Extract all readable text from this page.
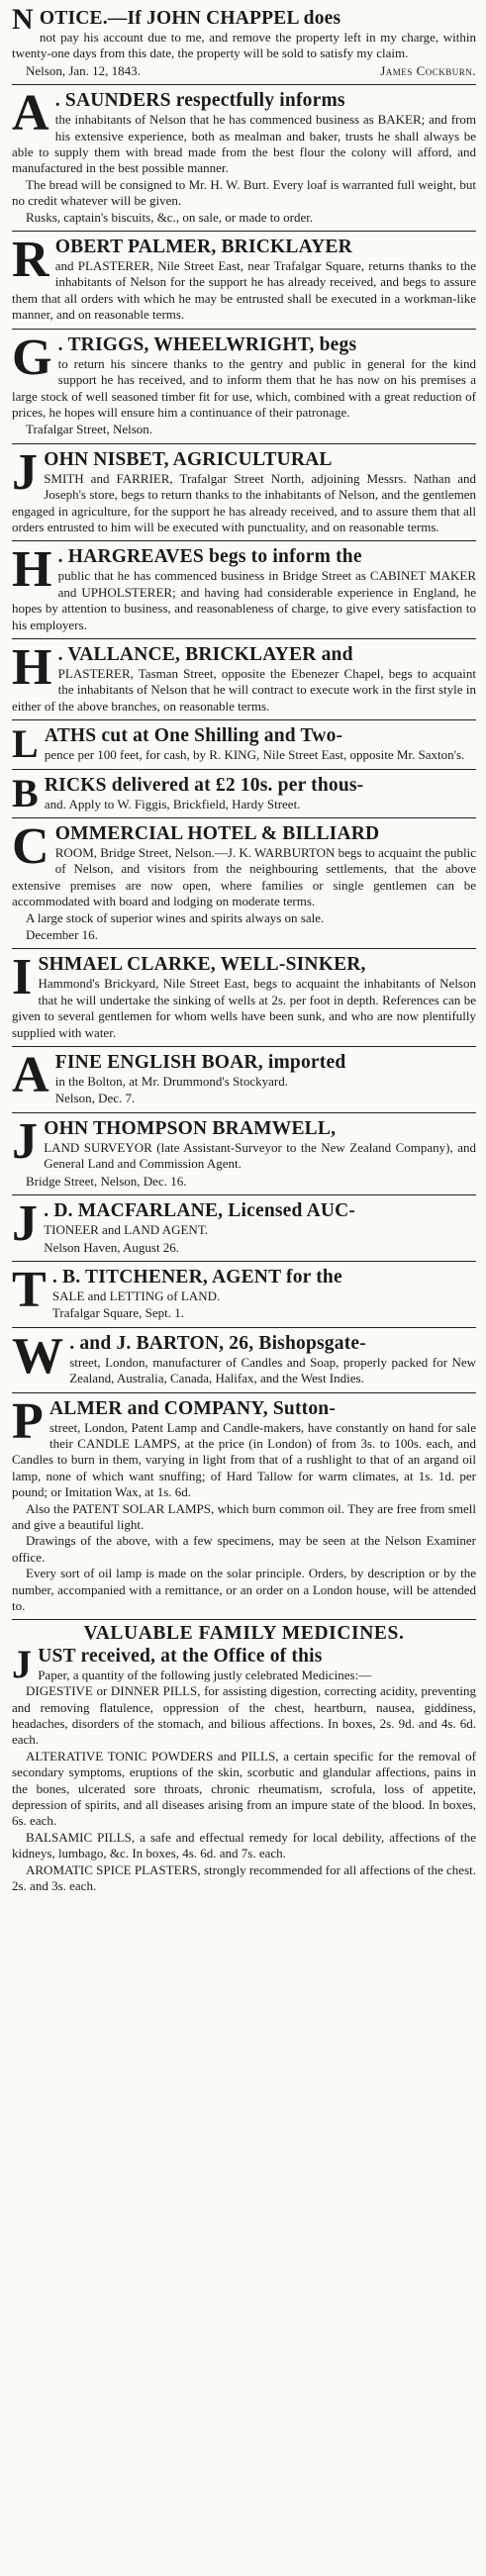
NOTICE.—If JOHN CHAPPEL does

not pay his account due to me, and remove the property left in my charge, within twenty-one days from this date, the property will be sold to satisfy my claim.

Nelson, Jan. 12, 1843.	James Cockburn.

A . SAUNDERS respectfully informs

the inhabitants of Nelson that he has commenced business as BAKER; and from his extensive experience, both as mealman and baker, trusts he shall always be able to supply them with bread made from the best flour the colony will afford, and manufactured in the best possible manner.

The bread will be consigned to Mr. H. W. Burt. Every loaf is warranted full weight, but no credit whatever will be given.

Rusks, captain's biscuits, &c., on sale, or made to order.

ROBERT PALMER, BRICKLAYER

and PLASTERER, Nile Street East, near Trafalgar Square, returns thanks to the inhabitants of Nelson for the support he has already received, and begs to assure them that all orders with which he may be entrusted shall be executed in a workman-like manner, and on reasonable terms.

G . TRIGGS, WHEELWRIGHT, begs

to return his sincere thanks to the gentry and public in general for the kind support he has received, and to inform them that he has now on his premises a large stock of well seasoned timber fit for use, which, combined with a great reduction of prices, he hopes will ensure him a continuance of their patronage.

Trafalgar Street, Nelson.

JOHN NISBET, AGRICULTURAL

SMITH and FARRIER, Trafalgar Street North, adjoining Messrs. Nathan and Joseph's store, begs to return thanks to the inhabitants of Nelson, and the gentlemen engaged in agriculture, for the support he has already received, and to assure them that all orders entrusted to him will be executed with punctuality, and on reasonable terms.

H . HARGREAVES begs to inform the

public that he has commenced business in Bridge Street as CABINET MAKER and UPHOLSTERER; and having had considerable experience in England, he hopes by attention to business, and reasonableness of charge, to give every satisfaction to his employers.

H . VALLANCE, BRICKLAYER and

PLASTERER, Tasman Street, opposite the Ebenezer Chapel, begs to acquaint the inhabitants of Nelson that he will contract to execute work in the first style in either of the above branches, on reasonable terms.

LATHS cut at One Shilling and Two-

pence per 100 feet, for cash, by R. KING, Nile Street East, opposite Mr. Saxton's.

BRICKS delivered at £2 10s. per thous-

and. Apply to W. Figgis, Brickfield, Hardy Street.

COMMERCIAL HOTEL & BILLIARD

ROOM, Bridge Street, Nelson.—J. K. WARBURTON begs to acquaint the public of Nelson, and visitors from the neighbouring settlements, that the above extensive premises are now open, where families or single gentlemen can be accommodated with board and lodging on moderate terms.

A large stock of superior wines and spirits always on sale.

December 16.

ISHMAEL CLARKE, WELL-SINKER,

Hammond's Brickyard, Nile Street East, begs to acquaint the inhabitants of Nelson that he will undertake the sinking of wells at 2s. per foot in depth. References can be given to several gentlemen for whom wells have been sunk, and who are now plentifully supplied with water.

AFINE ENGLISH BOAR, imported

in the Bolton, at Mr. Drummond's Stockyard.

Nelson, Dec. 7.

JOHN THOMPSON BRAMWELL,

LAND SURVEYOR (late Assistant-Surveyor to the New Zealand Company), and General Land and Commission Agent.

Bridge Street, Nelson, Dec. 16.

J . D. MACFARLANE, Licensed AUC-

TIONEER and LAND AGENT.

Nelson Haven, August 26.

T . B. TITCHENER, AGENT for the

SALE and LETTING of LAND.

Trafalgar Square, Sept. 1.

W . and J. BARTON, 26, Bishopsgate-

street, London, manufacturer of Candles and Soap, properly packed for New Zealand, Australia, Canada, Halifax, and the West Indies.

PALMER and COMPANY, Sutton-

street, London, Patent Lamp and Candle-makers, have constantly on hand for sale their CANDLE LAMPS, at the price (in London) of from 3s. to 100s. each, and Candles to burn in them, varying in light from that of a rushlight to that of an argand oil lamp, none of which want snuffing; of Hard Tallow for warm climates, at 1s. 1d. per pound; or Imitation Wax, at 1s. 6d.

Also the PATENT SOLAR LAMPS, which burn common oil. They are free from smell and give a beautiful light.

Drawings of the above, with a few specimens, may be seen at the Nelson Examiner office.

Every sort of oil lamp is made on the solar principle. Orders, by description or by the number, accompanied with a remittance, or an order on a London house, will be attended to.

VALUABLE FAMILY MEDICINES.

JUST received, at the Office of this

Paper, a quantity of the following justly celebrated Medicines:—

DIGESTIVE or DINNER PILLS, for assisting digestion, correcting acidity, preventing and removing flatulence, oppression of the chest, heartburn, nausea, giddiness, headaches, disorders of the stomach, and bilious affections. In boxes, 2s. 9d. and 4s. 6d. each.

ALTERATIVE TONIC POWDERS and PILLS, a certain specific for the removal of secondary symptoms, eruptions of the skin, scorbutic and glandular affections, pains in the bones, ulcerated sore throats, chronic rheumatism, scrofula, loss of appetite, depression of spirits, and all diseases arising from an impure state of the blood. In boxes, 6s. each.

BALSAMIC PILLS, a safe and effectual remedy for local debility, affections of the kidneys, lumbago, &c. In boxes, 4s. 6d. and 7s. each.

AROMATIC SPICE PLASTERS, strongly recommended for all affections of the chest. 2s. and 3s. each.
